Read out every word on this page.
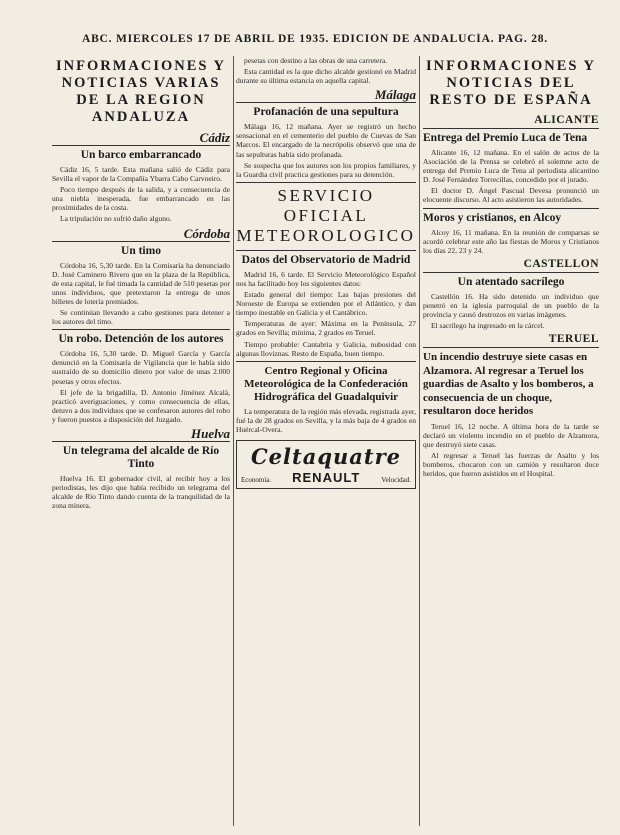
ABC. MIERCOLES 17 DE ABRIL DE 1935. EDICIÓN DE ANDALUCÍA. PAG. 28.
INFORMACIONES Y NOTICIAS VARIAS DE LA REGION ANDALUZA
Cádiz
Un barco embarrancado

Cádiz 16, 5 tarde. Esta mañana salió de Cádiz para Sevilla el vapor de la Compañía Ybarra Cabo Carvoeiro.

Poco tiempo después de la salida, y a consecuencia de una niebla inesperada, fue embarrancado en las proximidades de la costa.

La tripulación no sufrió daño alguno.

Córdoba
Un timo

Córdoba 16, 5,30 tarde. En la Comisaría ha denunciado D. José Caminero Rivero que en la plaza de la República, de esta capital, le fué timada la cantidad de 510 pesetas por unos individuos, que pretextaron la entrega de unos billetes de lotería premiados.

Se continúan llevando a cabo gestiones para detener a los autores del timo.

Un robo. Detención de los autores

Córdoba 16, 5,30 tarde. D. Miguel García y García denunció en la Comisaría de Vigilancia que le había sido sustraído de su domicilio dinero por valor de unas 2.000 pesetas y otros efectos.

El jefe de la brigadilla, D. Antonio Jiménez Alcalá, practicó averiguaciones, y como consecuencia de ellas, detuvo a dos individuos que se confesaron autores del robo y fueron puestos a disposición del Juzgado.

Huelva
Un telegrama del alcalde de Río Tinto

Huelva 16. El gobernador civil, al recibir hoy a los periodistas, les dijo que había recibido un telegrama del alcalde de Río Tinto dando cuenta de la tranquilidad de la zona minera.

pesetas con destino a las obras de una carretera.

Esta cantidad es la que dicho alcalde gestionó en Madrid durante su última estancia en aquella capital.

Málaga
Profanación de una sepultura

Málaga 16, 12 mañana. Ayer se registró un hecho sensacional en el cementerio del pueblo de Cuevas de San Marcos. El encargado de la necrópolis observó que una de las sepulturas había sido profanada.

Se sospecha que los autores son los propios familiares, y la Guardia civil practica gestiones para su detención.

SERVICIO OFICIAL METEOROLOGICO
Datos del Observatorio de Madrid

Madrid 16, 6 tarde. El Servicio Meteorológico Español nos ha facilitado hoy los siguientes datos:

Estado general del tiempo: Las bajas presiones del Noroeste de Europa se extienden por el Atlántico, y dan tiempo inestable en Galicia y el Cantábrico.

Temperaturas de ayer: Máxima en la Península, 27 grados en Sevilla; mínima, 2 grados en Teruel.

Tiempo probable: Cantabria y Galicia, nubosidad con algunas lloviznas. Resto de España, buen tiempo.

Centro Regional y Oficina Meteorológica de la Confederación Hidrográfica del Guadalquivir

La temperatura de la región más elevada, registrada ayer, fué la de 28 grados en Sevilla, y la más baja de 4 grados en Huércal-Overa.

Celtaquatre
Economía. RENAULT	Velocidad.
INFORMACIONES Y NOTICIAS DEL RESTO DE ESPAÑA
ALICANTE
Entrega del Premio Luca de Tena

Alicante 16, 12 mañana. En el salón de actos de la Asociación de la Prensa se celebró el solemne acto de entrega del Premio Luca de Tena al periodista alicantino D. José Fernández Torrecillas, concedido por el jurado.

El doctor D. Ángel Pascual Devesa pronunció un elocuente discurso. Al acto asistieron las autoridades.

Moros y cristianos, en Alcoy

Alcoy 16, 11 mañana. En la reunión de comparsas se acordó celebrar este año las fiestas de Moros y Cristianos los días 22, 23 y 24.

CASTELLON
Un atentado sacrílego

Castellón 16. Ha sido detenido un individuo que penetró en la iglesia parroquial de un pueblo de la provincia y causó destrozos en varias imágenes.

El sacrílego ha ingresado en la cárcel.

TERUEL
Un incendio destruye siete casas en Alzamora. Al regresar a Teruel los guardias de Asalto y los bomberos, a consecuencia de un choque, resultaron doce heridos

Teruel 16, 12 noche. A última hora de la tarde se declaró un violento incendio en el pueblo de Alzamora, que destruyó siete casas.

Al regresar a Teruel las fuerzas de Asalto y los bomberos, chocaron con un camión y resultaron doce heridos, que fueron asistidos en el Hospital.
